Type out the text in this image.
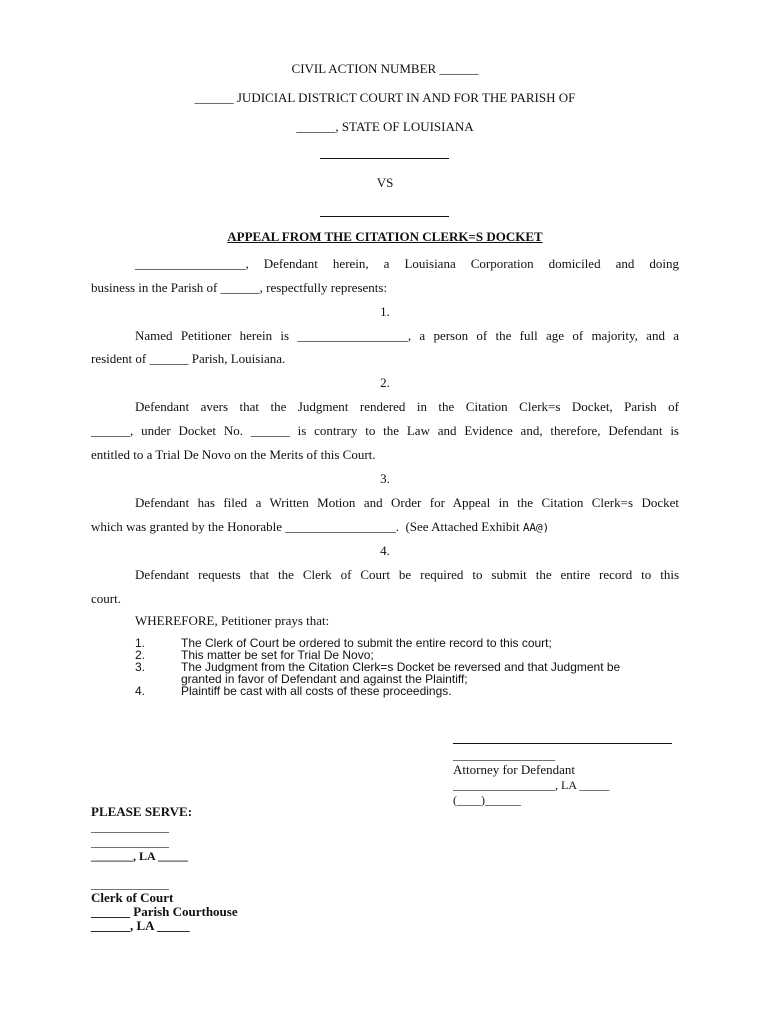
CIVIL ACTION NUMBER ______
______ JUDICIAL DISTRICT COURT IN AND FOR THE PARISH OF
______, STATE OF LOUISIANA
VS
APPEAL FROM THE CITATION CLERK=S DOCKET
_________________, Defendant herein, a Louisiana Corporation domiciled and doing
business in the Parish of ______, respectfully represents:
1.
Named Petitioner herein is _________________, a person of the full age of majority, and a
resident of ______ Parish, Louisiana.
2.
Defendant avers that the Judgment rendered in the Citation Clerk=s Docket, Parish of
______, under Docket No. ______ is contrary to the Law and Evidence and, therefore, Defendant is
entitled to a Trial De Novo on the Merits of this Court.
3.
Defendant has filed a Written Motion and Order for Appeal in the Citation Clerk=s Docket
which was granted by the Honorable _________________.  (See Attached Exhibit AA@)
4.
Defendant requests that the Clerk of Court be required to submit the entire record to this
court.
WHEREFORE, Petitioner prays that:
1.	The Clerk of Court be ordered to submit the entire record to this court;
2.	This matter be set for Trial De Novo;
3.	The Judgment from the Citation Clerk=s Docket be reversed and that Judgment be
granted in favor of Defendant and against the Plaintiff;
4.	Plaintiff be cast with all costs of these proceedings.
_________________
Attorney for Defendant
_________________, LA _____
(____)______
PLEASE SERVE:
_____________
_____________
_______, LA _____
_____________
Clerk of Court
______ Parish Courthouse
______, LA _____
